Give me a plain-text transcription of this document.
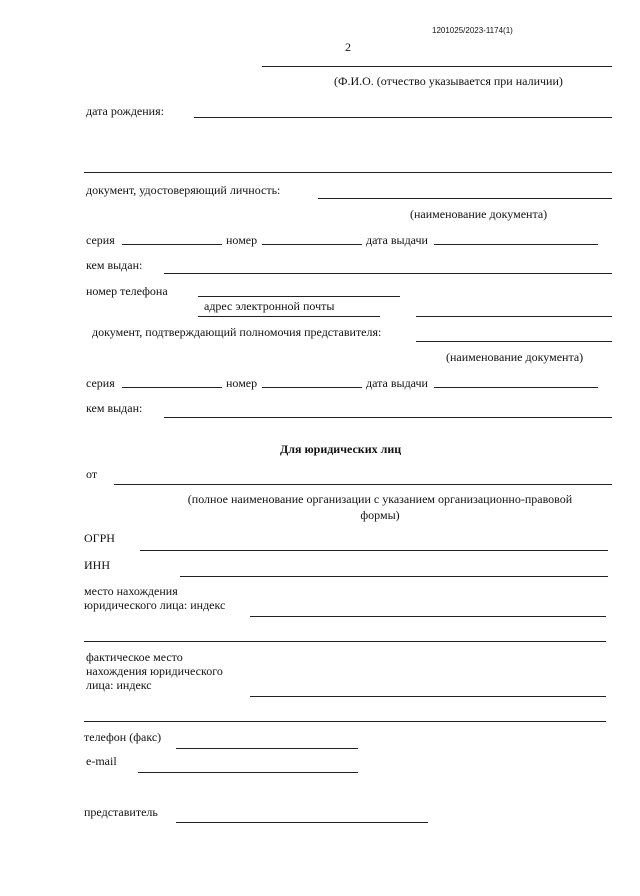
1201025/2023-1174(1)
2
(Ф.И.О. (отчество указывается при наличии)
дата рождения:
документ, удостоверяющий личность:
(наименование документа)
серия	номер	дата выдачи
кем выдан:
номер телефона
адрес электронной почты
документ, подтверждающий полномочия представителя:
(наименование документа)
серия	номер	дата выдачи
кем выдан:
Для юридических лиц
от
(полное наименование организации с указанием организационно-правовой
формы)
ОГРН
ИНН
место нахождения
юридического лица: индекс
фактическое место
нахождения юридического
лица: индекс
телефон (факс)
e-mail
представитель
